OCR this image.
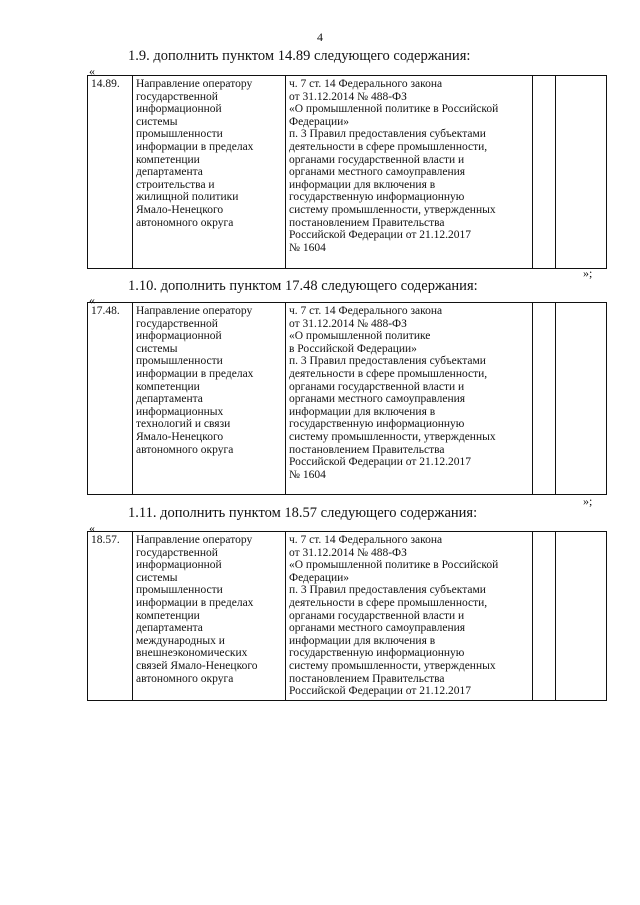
4
1.9. дополнить пунктом 14.89 следующего содержания:
«
14.89.	Направление оператору
государственной
информационной
системы
промышленности
информации в пределах
компетенции
департамента
строительства и
жилищной политики
Ямало-Ненецкого
автономного округа

ч. 7 ст. 14 Федерального закона
от 31.12.2014 № 488-ФЗ
«О промышленной политике в Российской
Федерации»
п. 3 Правил предоставления субъектами
деятельности в сфере промышленности,
органами государственной власти и
органами местного самоуправления
информации для включения в
государственную информационную
систему промышленности, утвержденных
постановлением Правительства
Российской Федерации от 21.12.2017
№ 1604

»;
1.10. дополнить пунктом 17.48 следующего содержания:
«
17.48.	Направление оператору
государственной
информационной
системы
промышленности
информации в пределах
компетенции
департамента
информационных
технологий и связи
Ямало-Ненецкого
автономного округа

ч. 7 ст. 14 Федерального закона
от 31.12.2014 № 488-ФЗ
«О промышленной политике
в Российской Федерации»
п. 3 Правил предоставления субъектами
деятельности в сфере промышленности,
органами государственной власти и
органами местного самоуправления
информации для включения в
государственную информационную
систему промышленности, утвержденных
постановлением Правительства
Российской Федерации от 21.12.2017
№ 1604

»;
1.11. дополнить пунктом 18.57 следующего содержания:
«
18.57.	Направление оператору
государственной
информационной
системы
промышленности
информации в пределах
компетенции
департамента
международных и
внешнеэкономических
связей Ямало-Ненецкого
автономного округа

ч. 7 ст. 14 Федерального закона
от 31.12.2014 № 488-ФЗ
«О промышленной политике в Российской
Федерации»
п. 3 Правил предоставления субъектами
деятельности в сфере промышленности,
органами государственной власти и
органами местного самоуправления
информации для включения в
государственную информационную
систему промышленности, утвержденных
постановлением Правительства
Российской Федерации от 21.12.2017
